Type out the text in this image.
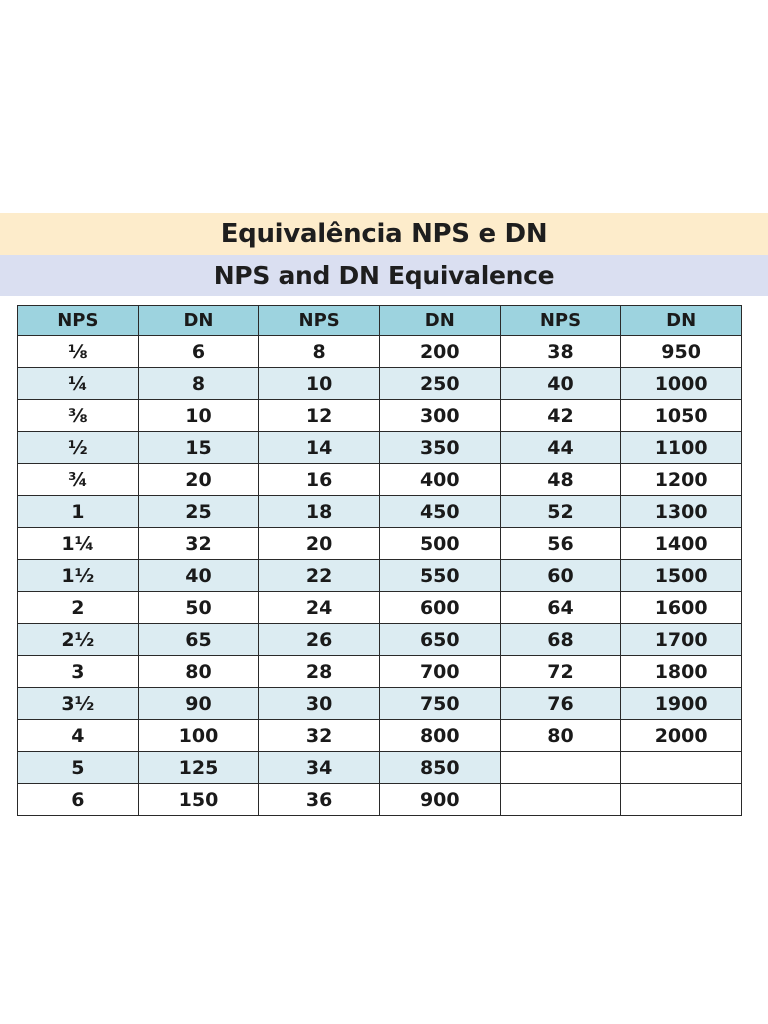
Equivalência NPS e DN
NPS and DN Equivalence
NPS	DN	NPS	DN	NPS	DN
⅛	6	8	200	38	950
¼	8	10	250	40	1000
⅜	10	12	300	42	1050
½	15	14	350	44	1100
¾	20	16	400	48	1200
1	25	18	450	52	1300
1¼	32	20	500	56	1400
1½	40	22	550	60	1500
2	50	24	600	64	1600
2½	65	26	650	68	1700
3	80	28	700	72	1800
3½	90	30	750	76	1900
4	100	32	800	80	2000
5	125	34	850		
6	150	36	900		
